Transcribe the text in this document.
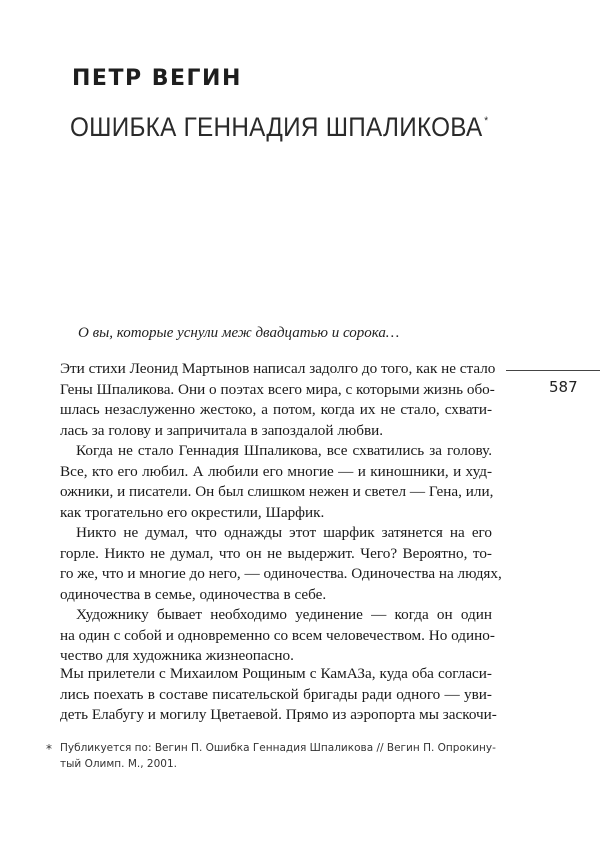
ПЕТР ВЕГИН
ОШИБКА ГЕННАДИЯ ШПАЛИКОВА *
О вы, которые уснули меж двадцатью и сорока…
587
Эти стихи Леонид Мартынов написал задолго до того, как не стало
Гены Шпаликова. Они о поэтах всего мира, с которыми жизнь обо-
шлась незаслуженно жестоко, а потом, когда их не стало, схвати-
лась за голову и запричитала в запоздалой любви.
Когда не стало Геннадия Шпаликова, все схватились за голову.
Все, кто его любил. А любили его многие — и киношники, и худ-
ожники, и писатели. Он был слишком нежен и светел — Гена, или,
как трогательно его окрестили, Шарфик.
Никто не думал, что однажды этот шарфик затянется на его
горле. Никто не думал, что он не выдержит. Чего? Вероятно, то-
го же, что и многие до него, — одиночества. Одиночества на людях,
одиночества в семье, одиночества в себе.
Художнику бывает необходимо уединение — когда он один
на один с собой и одновременно со всем человечеством. Но одино-
чество для художника жизнеопасно.
Мы прилетели с Михаилом Рощиным с КамАЗа, куда оба согласи-
лись поехать в составе писательской бригады ради одного — уви-
деть Елабугу и могилу Цветаевой. Прямо из аэропорта мы заскочи-
* Публикуется по: Вегин П. Ошибка Геннадия Шпаликова // Вегин П. Опрокину-
тый Олимп. М., 2001.
